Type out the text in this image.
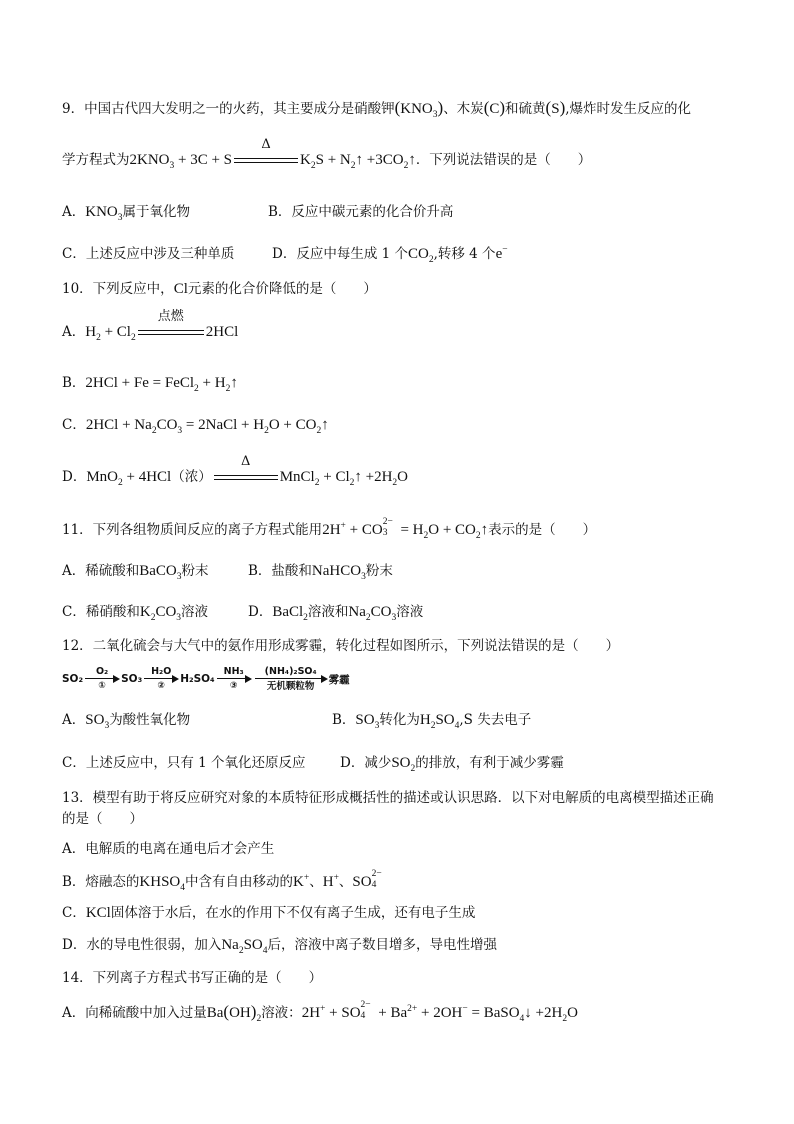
9．中国古代四大发明之一的火药，其主要成分是硝酸钾$(KNO_3)$、木炭(C)和硫黄(S),爆炸时发生反应的化
学方程式为$2KNO_3 + 3C + S$
Δ
$K_2S$ + $N_2↑$ $+3CO_2↑$．下列说法错误的是（　　）
A．$KNO_3$属于氧化物	B．反应中碳元素的化合价升高
C．上述反应中涉及三种单质	D．反应中每生成 1 个$CO_2$,转移 4 个e−
10．下列反应中，Cl元素的化合价降低的是（　　）
A．$H_2 + Cl_2$
点燃
2HCl
B．2HCl + Fe = FeCl$_2$ + $H_2↑$
C．$2HCl + Na_2CO_3$ = 2NaCl + $H_2O$ + $CO_2↑$
D．MnO$_2$ + 4HCl（浓）
Δ
MnCl$_2$ + $Cl_2↑ +2H_2O$
11．下列各组物质间反应的离子方程式能用2H+ + CO 2−
$3 = H_2O$ + $CO_2↑$表示的是（　　）
A．稀硫酸和BaCO$_3$粉末	B．盐酸和NaHCO$_3$粉末
C．稀硝酸和$K_2CO_3$溶液	D．BaCl$_2$溶液和$Na_2CO_3$溶液
12．二氧化硫会与大气中的氨作用形成雾霾，转化过程如图所示，下列说法错误的是（　　）
SO₂
O₂
①
SO₃
H₂O
②
H₂SO₄
NH₃
③
(NH₄)₂SO₄
无机颗粒物
雾霾
A．$SO_3$为酸性氧化物	B．$SO_3$转化为$H_2SO_4,S$ 失去电子
C．上述反应中，只有 1 个氧化还原反应	D．减少$SO_2$的排放，有利于减少雾霾
13．模型有助于将反应研究对象的本质特征形成概括性的描述或认识思路．以下对电解质的电离模型描述正确
的是（　　）
A．电解质的电离在通电后才会产生
B．熔融态的$KHSO_4$中含有自由移动的K+、H+、SO 2−
4
C．KCl固体溶于水后，在水的作用下不仅有离子生成，还有电子生成
D．水的导电性很弱，加入$Na_2SO_4$后，溶液中离子数目增多，导电性增强
14．下列离子方程式书写正确的是（　　）
A．向稀硫酸中加入过量$Ba(OH)_2$溶液：2H+ + SO 2−
$4 + Ba^{2+} + 2OH^-$ = BaSO$_4$↓ $+2H_2O$
